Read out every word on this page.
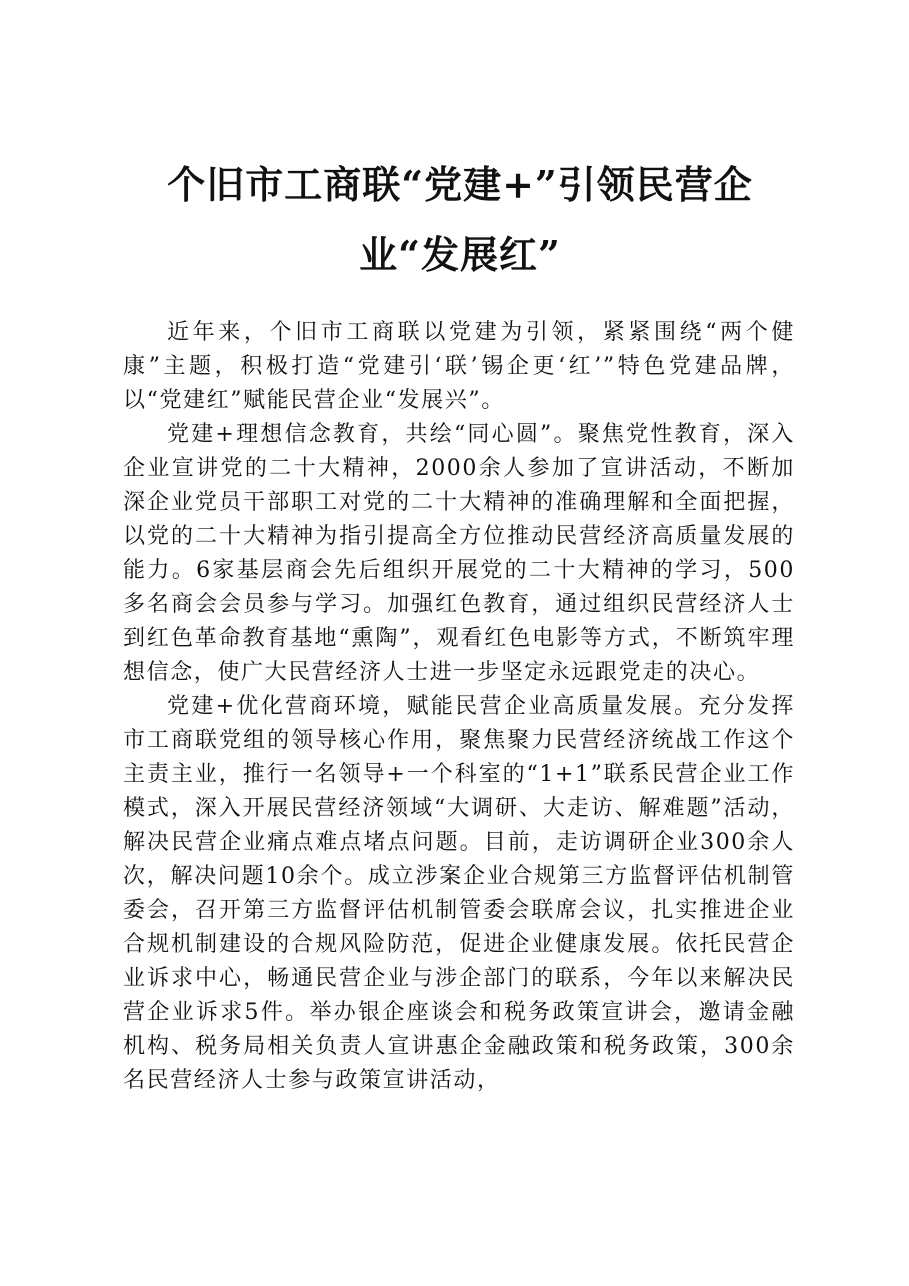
个旧市工商联“党建+”引领民营企业“发展红”

近年来，个旧市工商联以党建为引领，紧紧围绕“两个健康”主题，积极打造“党建引‘联’锡企更‘红’”特色党建品牌，以“党建红”赋能民营企业“发展兴”。

党建+理想信念教育，共绘“同心圆”。聚焦党性教育，深入企业宣讲党的二十大精神，2000余人参加了宣讲活动，不断加深企业党员干部职工对党的二十大精神的准确理解和全面把握，以党的二十大精神为指引提高全方位推动民营经济高质量发展的能力。6家基层商会先后组织开展党的二十大精神的学习，500多名商会会员参与学习。加强红色教育，通过组织民营经济人士到红色革命教育基地“熏陶”，观看红色电影等方式，不断筑牢理想信念，使广大民营经济人士进一步坚定永远跟党走的决心。

党建+优化营商环境，赋能民营企业高质量发展。充分发挥市工商联党组的领导核心作用，聚焦聚力民营经济统战工作这个主责主业，推行一名领导+一个科室的“1+1”联系民营企业工作模式，深入开展民营经济领域“大调研、大走访、解难题”活动，解决民营企业痛点难点堵点问题。目前，走访调研企业300余人次，解决问题10余个。成立涉案企业合规第三方监督评估机制管委会，召开第三方监督评估机制管委会联席会议，扎实推进企业合规机制建设的合规风险防范，促进企业健康发展。依托民营企业诉求中心，畅通民营企业与涉企部门的联系，今年以来解决民营企业诉求5件。举办银企座谈会和税务政策宣讲会，邀请金融机构、税务局相关负责人宣讲惠企金融政策和税务政策，300余名民营经济人士参与政策宣讲活动，
